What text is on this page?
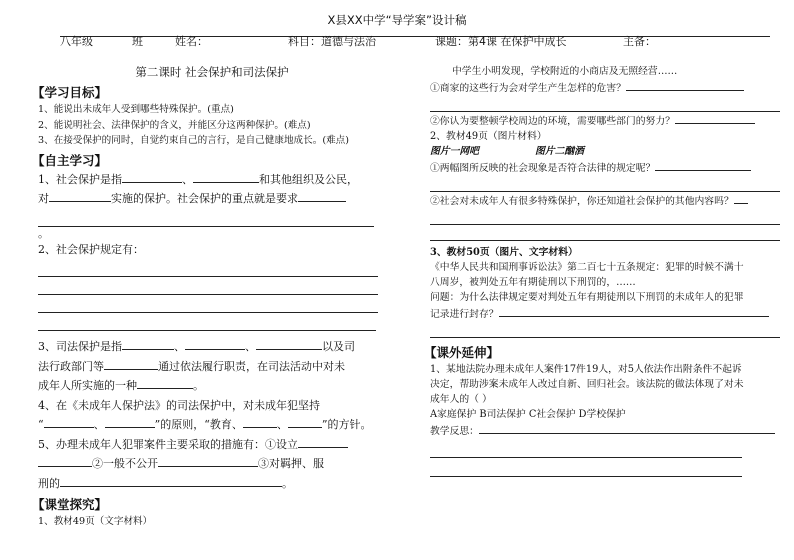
X县XX中学“导学案”设计稿
八年级	班	姓名：	科目：道德与法治	课题：第4课 在保护中成长	主备：
第二课时 社会保护和司法保护
【学习目标】
1、能说出未成年人受到哪些特殊保护。(重点)
2、能说明社会、法律保护的含义，并能区分这两种保护。(难点)
3、在接受保护的同时，自觉约束自己的言行，是自己健康地成长。(难点)
【自主学习】
1、社会保护是指	、	和其他组织及公民，
对	实施的保护。社会保护的重点就是要求
。
2、社会保护规定有：
3、司法保护是指	、	、	以及司
法行政部门等	通过依法履行职责，在司法活动中对未
成年人所实施的一种	。
4、在《未成年人保护法》的司法保护中，对未成年犯坚持
“	、	”的原则，“教育、	、	”的方针。
5、办理未成年人犯罪案件主要采取的措施有：①设立
②一般不公开	③对羁押、服
刑的	。
【课堂探究】
1、教材49页（文字材料）
中学生小明发现，学校附近的小商店及无照经营……
①商家的这些行为会对学生产生怎样的危害？
②你认为要整顿学校周边的环境，需要哪些部门的努力？
2、教材49页（图片材料）
图片一网吧	图片二酗酒
①两幅图所反映的社会现象是否符合法律的规定呢？
②社会对未成年人有很多特殊保护，你还知道社会保护的其他内容吗？
3、教材50页（图片、文字材料）
《中华人民共和国刑事诉讼法》第二百七十五条规定：犯罪的时候不满十
八周岁，被判处五年有期徒刑以下刑罚的，……
问题：为什么法律规定要对判处五年有期徒刑以下刑罚的未成年人的犯罪
记录进行封存？
【课外延伸】
1、某地法院办理未成年人案件17件19人，对5人依法作出附条件不起诉
决定，帮助涉案未成年人改过自新、回归社会。该法院的做法体现了对未
成年人的（ ）
A家庭保护 B司法保护 C社会保护 D学校保护
教学反思：
